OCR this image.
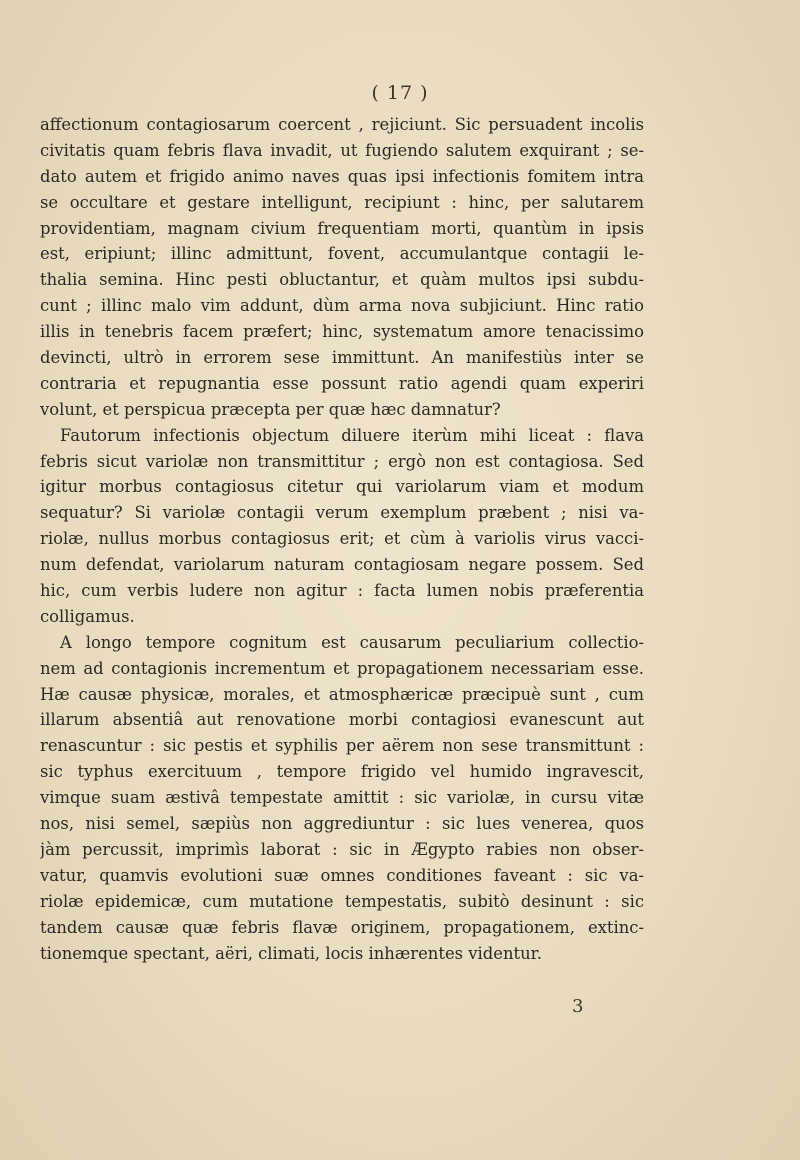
( 17 )
affectionum contagiosarum coercent , rejiciunt. Sic persuadent incolis
civitatis quam febris flava invadit, ut fugiendo salutem exquirant ; se-
dato autem et frigido animo naves quas ipsi infectionis fomitem intra
se occultare et gestare intelligunt, recipiunt : hinc, per salutarem
providentiam, magnam civium frequentiam morti, quantùm in ipsis
est, eripiunt; illinc admittunt, fovent, accumulantque contagii le-
thalia semina. Hinc pesti obluctantur, et quàm multos ipsi subdu-
cunt ; illinc malo vim addunt, dùm arma nova subjiciunt. Hinc ratio
illis in tenebris facem præfert; hinc, systematum amore tenacissimo
devincti, ultrò in errorem sese immittunt. An manifestiùs inter se
contraria et repugnantia esse possunt ratio agendi quam experiri
volunt, et perspicua præcepta per quæ hæc damnatur?
Fautorum infectionis objectum diluere iterùm mihi liceat : flava
febris sicut variolæ non transmittitur ; ergò non est contagiosa. Sed
igitur morbus contagiosus citetur qui variolarum viam et modum
sequatur? Si variolæ contagii verum exemplum præbent ; nisi va-
riolæ, nullus morbus contagiosus erit; et cùm à variolis virus vacci-
num defendat, variolarum naturam contagiosam negare possem. Sed
hic, cum verbis ludere non agitur : facta lumen nobis præferentia
colligamus.
A longo tempore cognitum est causarum peculiarium collectio-
nem ad contagionis incrementum et propagationem necessariam esse.
Hæ causæ physicæ, morales, et atmosphæricæ præcipuè sunt , cum
illarum absentiâ aut renovatione morbi contagiosi evanescunt aut
renascuntur : sic pestis et syphilis per aërem non sese transmittunt :
sic typhus exercituum , tempore frigido vel humido ingravescit,
vimque suam æstivâ tempestate amittit : sic variolæ, in cursu vitæ
nos, nisi semel, sæpiùs non aggrediuntur : sic lues venerea, quos
jàm percussit, imprimìs laborat : sic in Ægypto rabies non obser-
vatur, quamvis evolutioni suæ omnes conditiones faveant : sic va-
riolæ epidemicæ, cum mutatione tempestatis, subitò desinunt : sic
tandem causæ quæ febris flavæ originem, propagationem, extinc-
tionemque spectant, aëri, climati, locis inhærentes videntur.
3
